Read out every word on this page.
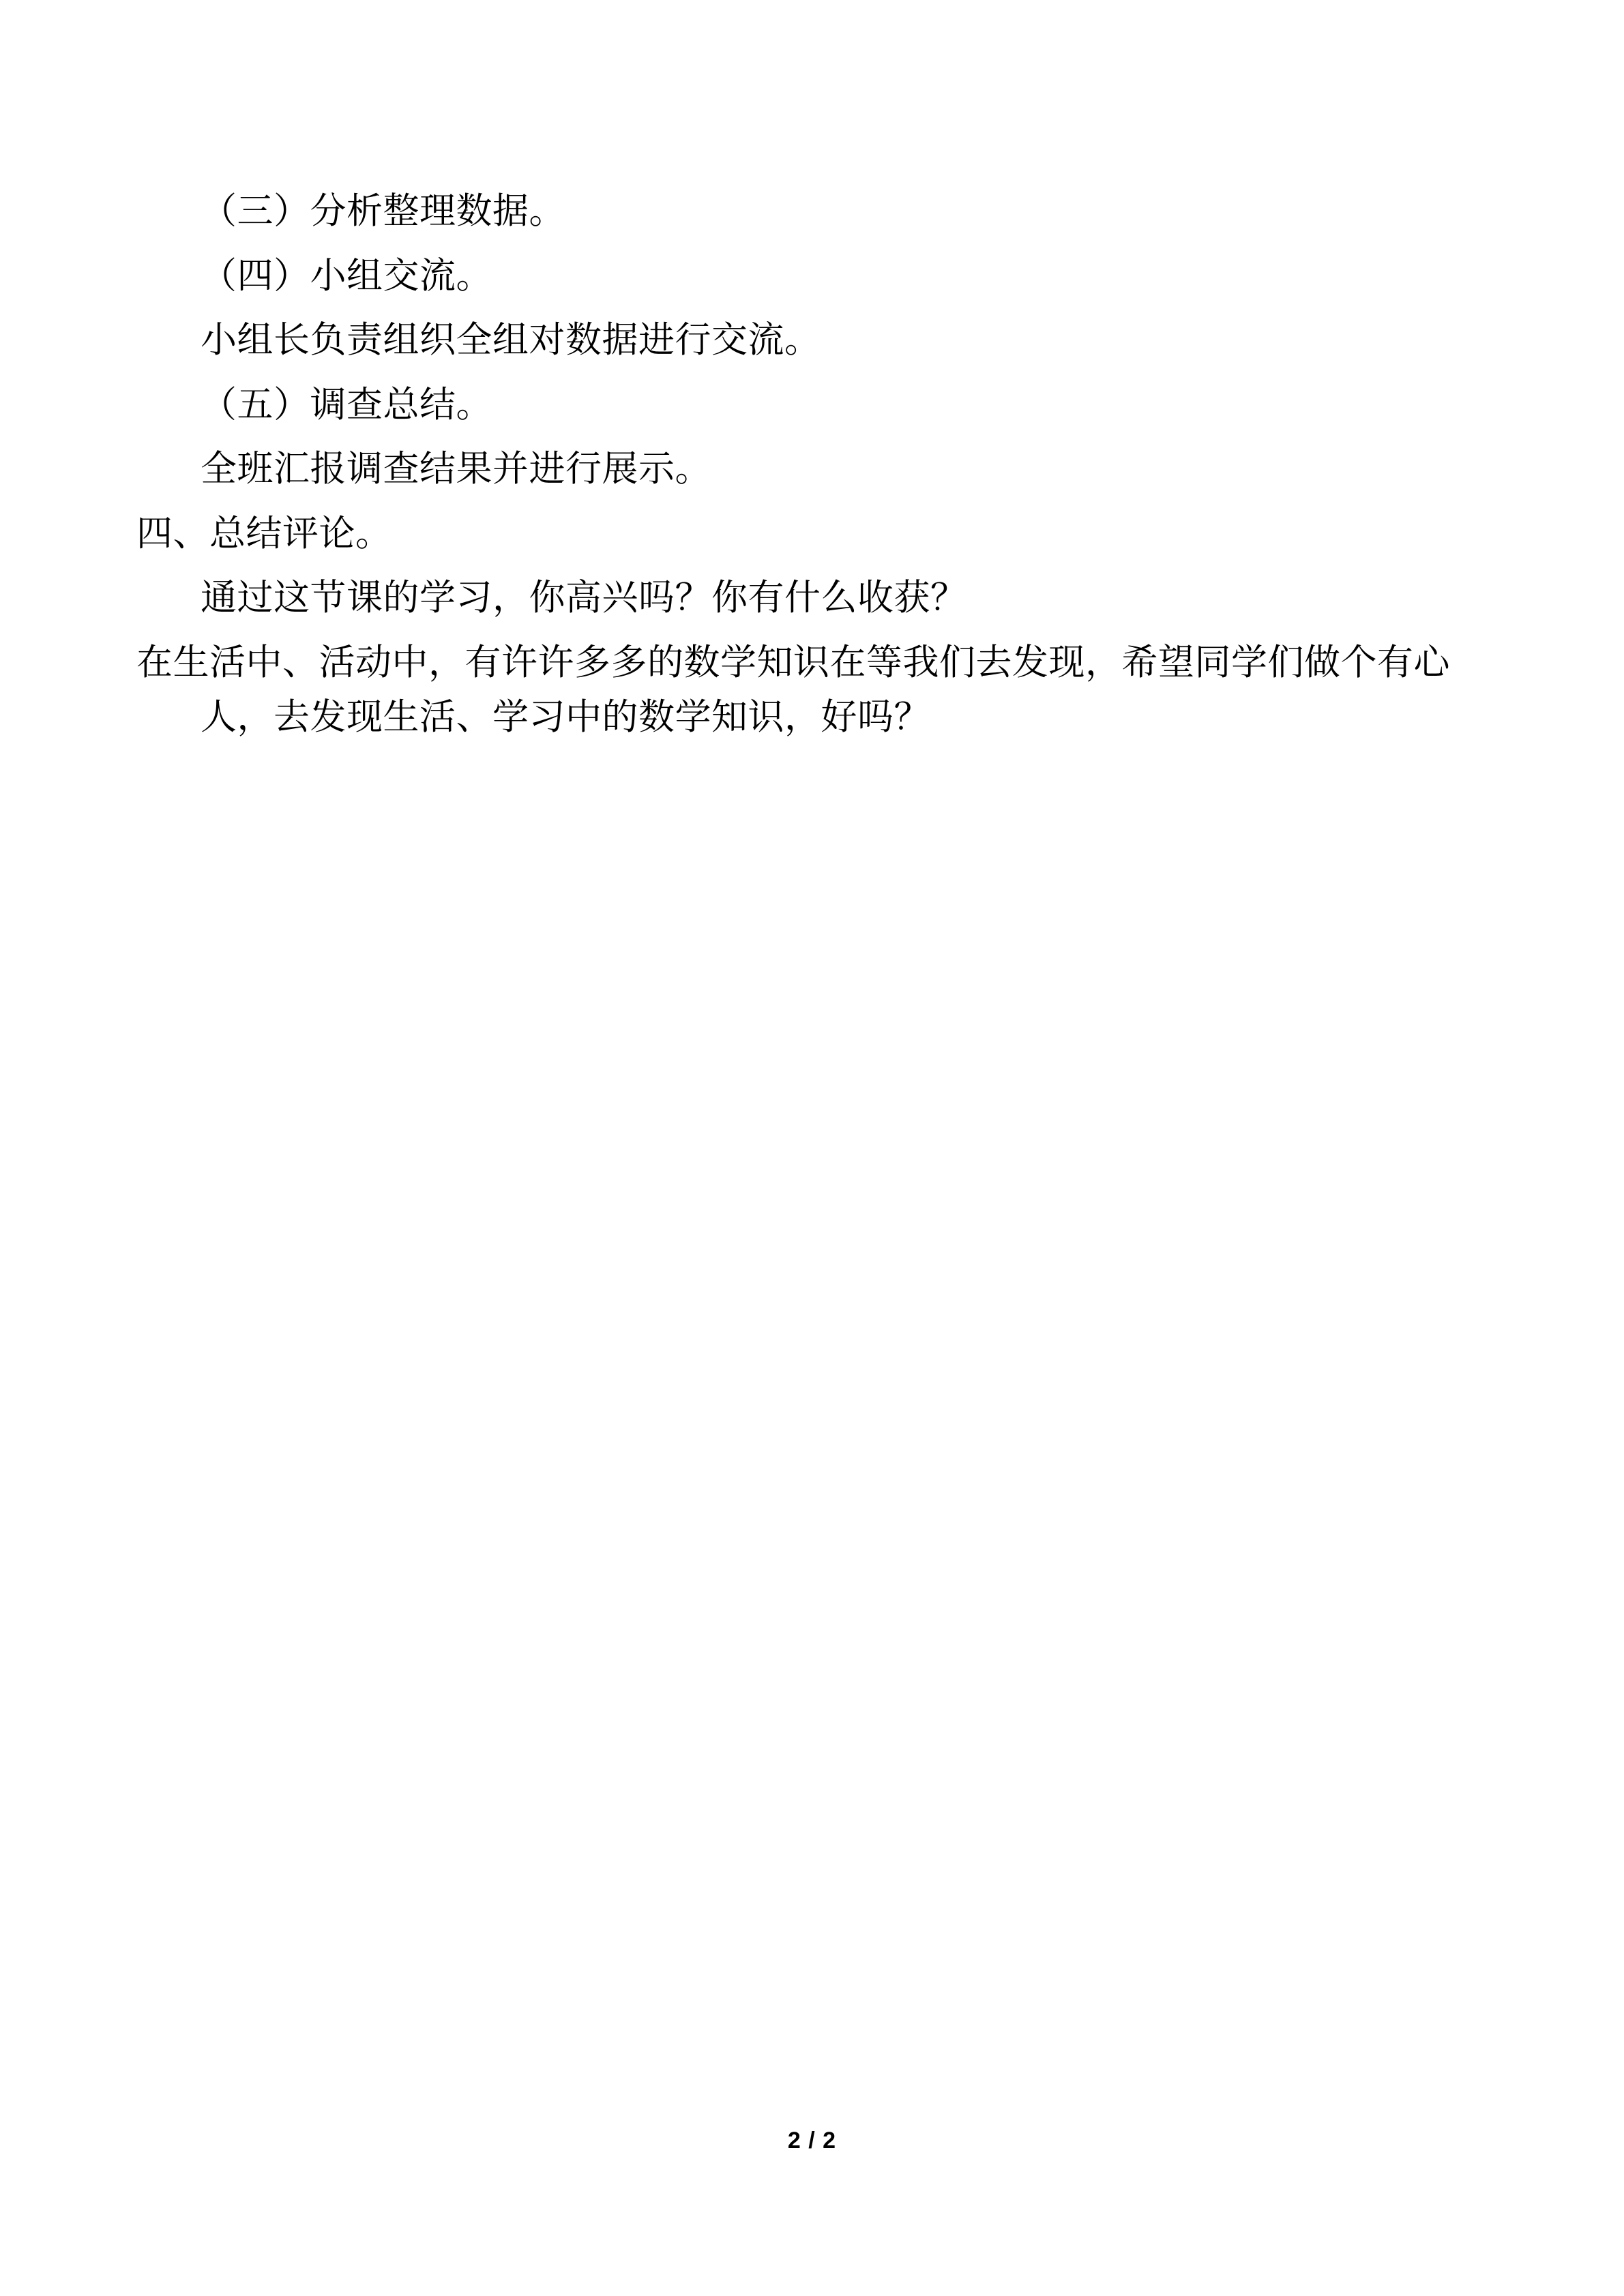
（三）分析整理数据。

（四）小组交流。

小组长负责组织全组对数据进行交流。

（五）调查总结。

全班汇报调查结果并进行展示。

四、总结评论。

通过这节课的学习，你高兴吗？你有什么收获？

在生活中、活动中，有许许多多的数学知识在等我们去发现，希望同学们做个有心人，去发现生活、学习中的数学知识，好吗？

2 / 2
